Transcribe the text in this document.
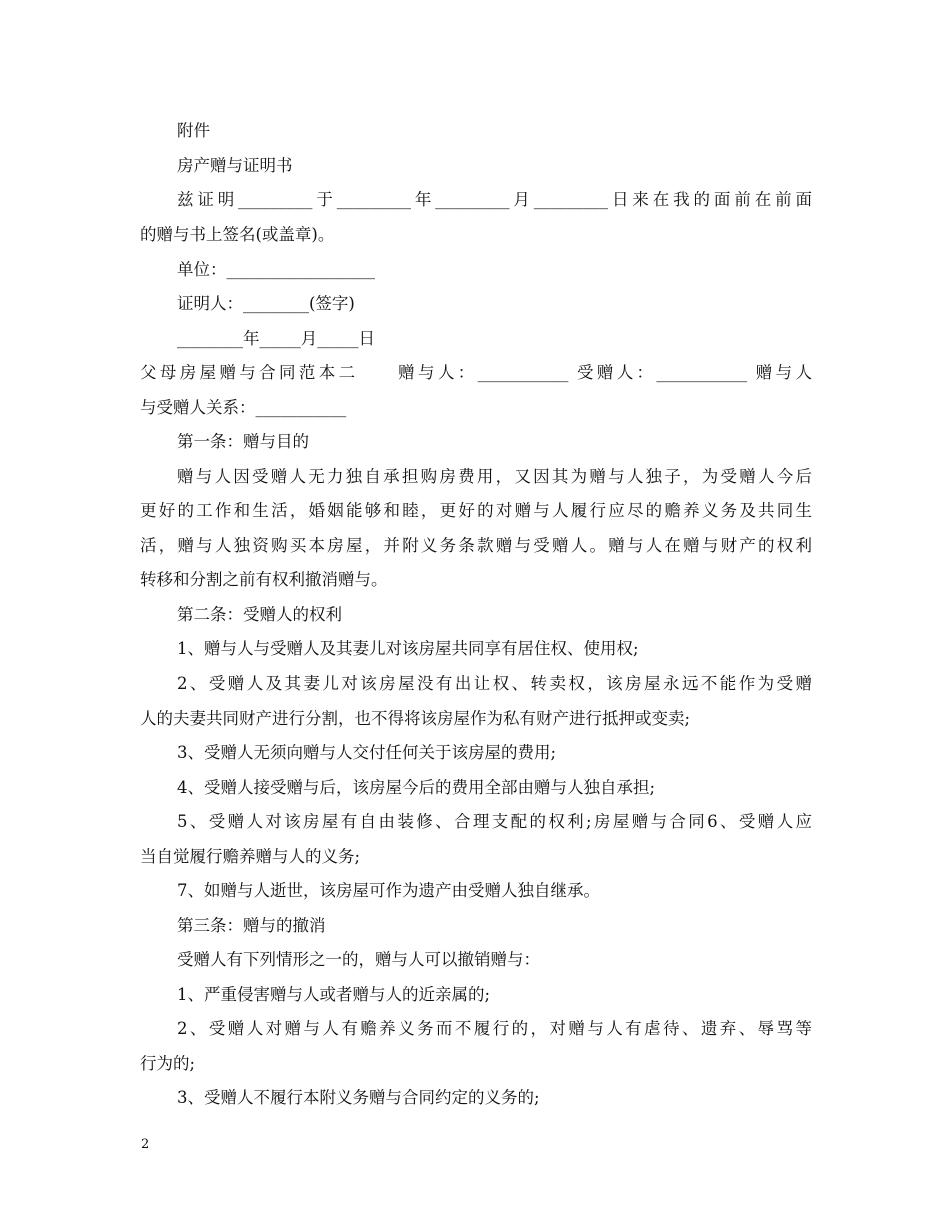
附件
房产赠与证明书
兹证明_________于_________年_________月_________日来在我的面前在前面
的赠与书上签名(或盖章)。
单位：__________________
证明人：________(签字)
________年_____月_____日
父母房屋赠与合同范本二　　赠与人：___________ 受赠人：___________ 赠与人
与受赠人关系：___________
第一条：赠与目的
赠与人因受赠人无力独自承担购房费用，又因其为赠与人独子，为受赠人今后
更好的工作和生活，婚姻能够和睦，更好的对赠与人履行应尽的赡养义务及共同生
活，赠与人独资购买本房屋，并附义务条款赠与受赠人。赠与人在赠与财产的权利
转移和分割之前有权利撤消赠与。
第二条：受赠人的权利
1、赠与人与受赠人及其妻儿对该房屋共同享有居住权、使用权;
2、受赠人及其妻儿对该房屋没有出让权、转卖权，该房屋永远不能作为受赠
人的夫妻共同财产进行分割，也不得将该房屋作为私有财产进行抵押或变卖;
3、受赠人无须向赠与人交付任何关于该房屋的费用;
4、受赠人接受赠与后，该房屋今后的费用全部由赠与人独自承担;
5、受赠人对该房屋有自由装修、合理支配的权利;房屋赠与合同6、受赠人应
当自觉履行赡养赠与人的义务;
7、如赠与人逝世，该房屋可作为遗产由受赠人独自继承。
第三条：赠与的撤消
受赠人有下列情形之一的，赠与人可以撤销赠与：
1、严重侵害赠与人或者赠与人的近亲属的;
2、受赠人对赠与人有赡养义务而不履行的，对赠与人有虐待、遗弃、辱骂等
行为的;
3、受赠人不履行本附义务赠与合同约定的义务的;
2
